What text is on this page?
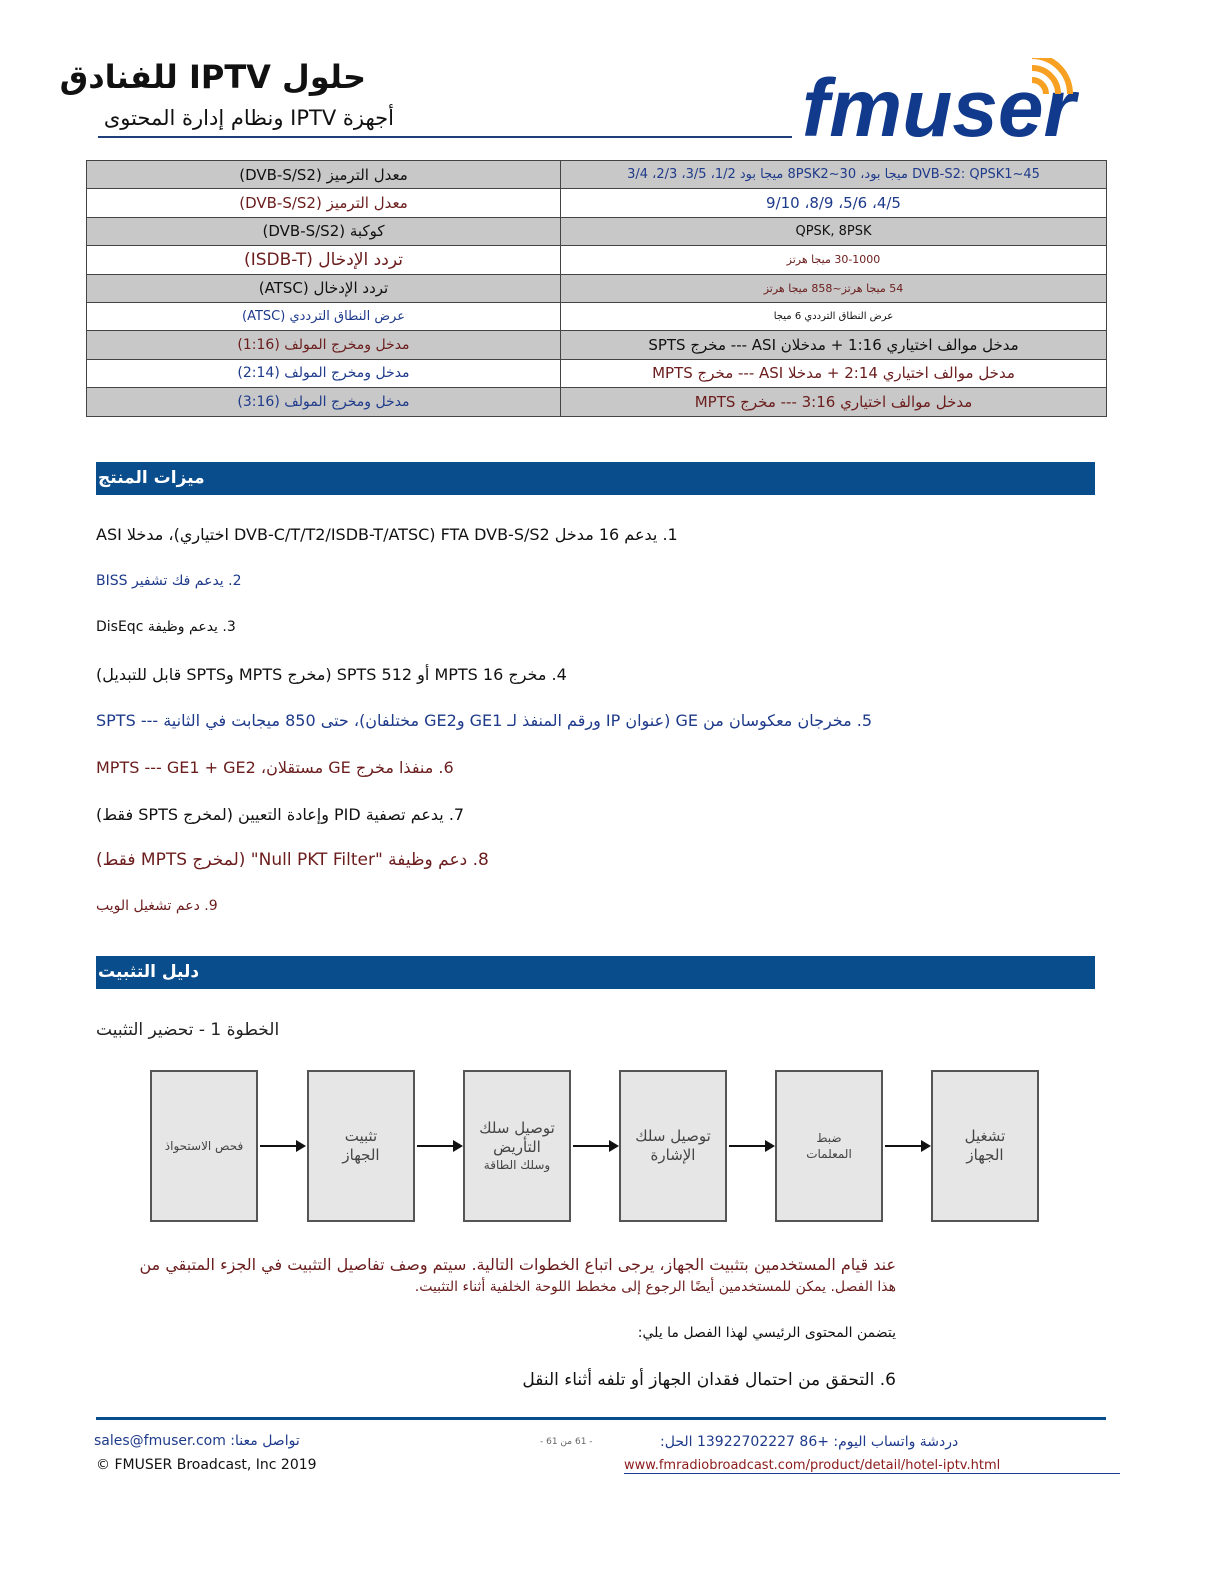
حلول IPTV للفنادق
أجهزة IPTV ونظام إدارة المحتوى	fmuser
معدل الترميز (DVB-S/S2)	DVB-S2: QPSK1~45 ميجا بود، 8PSK2~30 ميجا بود 1/2، 3/5، 2/3، 3/4
معدل الترميز (DVB-S/S2)	4/5، 5/6، 8/9، 9/10
كوكبة (DVB-S/S2)	QPSK, 8PSK
تردد الإدخال (ISDB-T)	30-1000 ميجا هرتز
تردد الإدخال (ATSC)	54 ميجا هرتز~858 ميجا هرتز
عرض النطاق الترددي (ATSC)	عرض النطاق الترددي 6 ميجا
مدخل ومخرج المولف (1:16)	مدخل موالف اختياري 1:16 + مدخلان ASI --- مخرج SPTS
مدخل ومخرج المولف (2:14)	مدخل موالف اختياري 2:14 + مدخلا ASI --- مخرج MPTS
مدخل ومخرج المولف (3:16)	مدخل موالف اختياري 3:16 --- مخرج MPTS
ميزات المنتج
1. يدعم 16 مدخل FTA DVB-S/S2 (DVB-C/T/T2/ISDB-T/ATSC اختياري)، مدخلا ASI
2. يدعم فك تشفير BISS
3. يدعم وظيفة DisEqc
4. مخرج 16 MPTS أو 512 SPTS (مخرج MPTS وSPTS قابل للتبديل)
5. مخرجان معكوسان من GE (عنوان IP ورقم المنفذ لـ GE1 وGE2 مختلفان)، حتى 850 ميجابت في الثانية --- SPTS
6. منفذا مخرج GE مستقلان، MPTS --- GE1 + GE2
7. يدعم تصفية PID وإعادة التعيين (لمخرج SPTS فقط)
8. دعم وظيفة "Null PKT Filter" (لمخرج MPTS فقط)
9. دعم تشغيل الويب
دليل التثبيت
الخطوة 1 - تحضير التثبيت
فحص الاستحواذ
تثبيت الجهاز
توصيل سلك التأريض
وسلك الطاقة
توصيل سلك الإشارة
ضبط المعلمات
تشغيل الجهاز
عند قيام المستخدمين بتثبيت الجهاز، يرجى اتباع الخطوات التالية. سيتم وصف تفاصيل التثبيت في الجزء المتبقي من
هذا الفصل. يمكن للمستخدمين أيضًا الرجوع إلى مخطط اللوحة الخلفية أثناء التثبيت.
يتضمن المحتوى الرئيسي لهذا الفصل ما يلي:
6. التحقق من احتمال فقدان الجهاز أو تلفه أثناء النقل
تواصل معنا: sales@fmuser.com
© FMUSER Broadcast, Inc 2019
- 61 من 61 -	دردشة واتساب اليوم: +86 13922702227 الحل:
www.fmradiobroadcast.com/product/detail/hotel-iptv.html
